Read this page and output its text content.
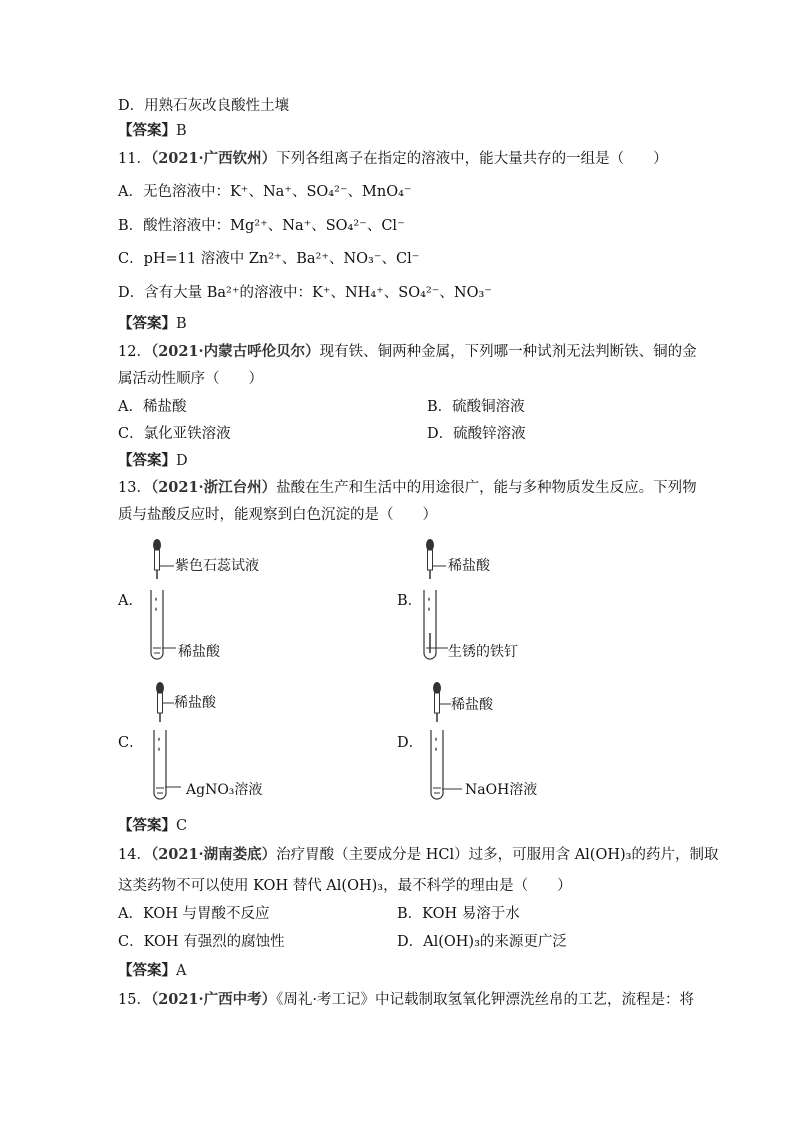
D．用熟石灰改良酸性土壤
【答案】B
11．（2021·广西钦州）下列各组离子在指定的溶液中，能大量共存的一组是（　　）
A．无色溶液中：K⁺、Na⁺、SO₄²⁻、MnO₄⁻
B．酸性溶液中：Mg²⁺、Na⁺、SO₄²⁻、Cl⁻
C．pH=11 溶液中 Zn²⁺、Ba²⁺、NO₃⁻、Cl⁻
D．含有大量 Ba²⁺的溶液中：K⁺、NH₄⁺、SO₄²⁻、NO₃⁻
【答案】B
12．（2021·内蒙古呼伦贝尔）现有铁、铜两种金属，下列哪一种试剂无法判断铁、铜的金
属活动性顺序（　　）
A．稀盐酸	B．硫酸铜溶液
C．氯化亚铁溶液	D．硫酸锌溶液
【答案】D
13．（2021·浙江台州）盐酸在生产和生活中的用途很广，能与多种物质发生反应。下列物
质与盐酸反应时，能观察到白色沉淀的是（　　）
A．
紫色石蕊试液
稀盐酸
B．
稀盐酸
生锈的铁钉
C．
稀盐酸
AgNO₃溶液
D．
稀盐酸
NaOH溶液
【答案】C
14．（2021·湖南娄底）治疗胃酸（主要成分是 HCl）过多，可服用含 Al(OH)₃的药片，制取
这类药物不可以使用 KOH 替代 Al(OH)₃，最不科学的理由是（　　）
A．KOH 与胃酸不反应	B．KOH 易溶于水
C．KOH 有强烈的腐蚀性	D．Al(OH)₃的来源更广泛
【答案】A
15．（2021·广西中考）《周礼·考工记》中记载制取氢氧化钾漂洗丝帛的工艺，流程是：将
